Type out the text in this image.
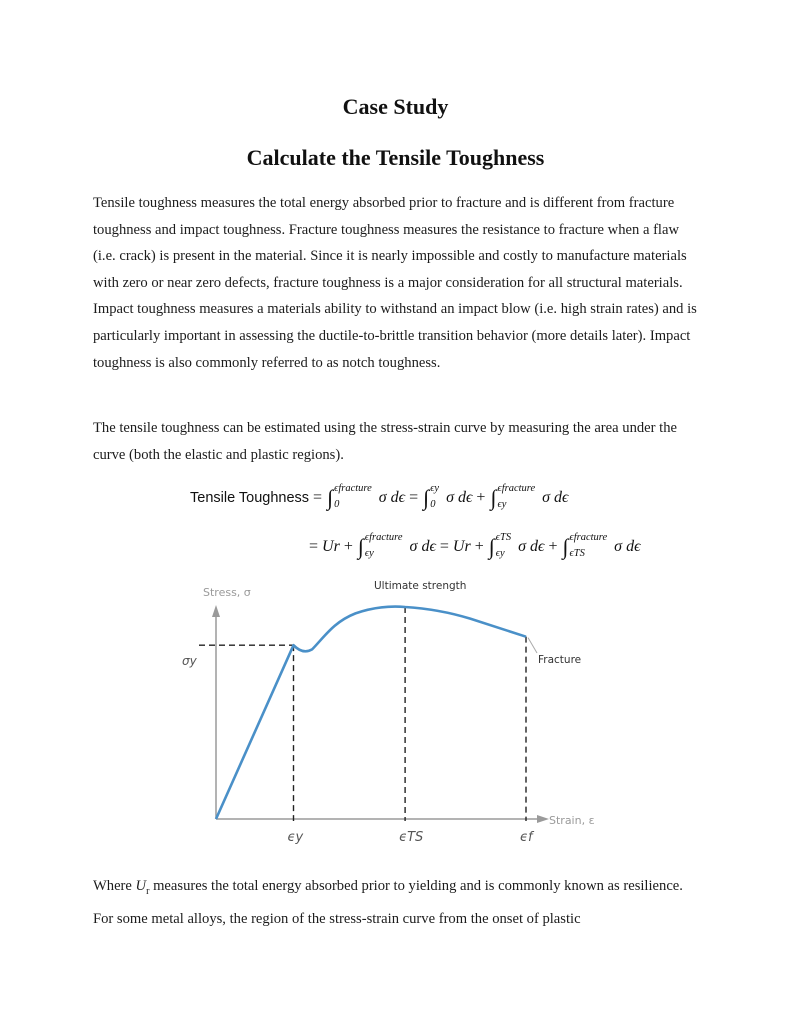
Case Study
Calculate the Tensile Toughness

Tensile toughness measures the total energy absorbed prior to fracture and is different from fracture toughness and impact toughness. Fracture toughness measures the resistance to fracture when a flaw (i.e. crack) is present in the material. Since it is nearly impossible and costly to manufacture materials with zero or near zero defects, fracture toughness is a major consideration for all structural materials. Impact toughness measures a materials ability to withstand an impact blow (i.e. high strain rates) and is particularly important in assessing the ductile-to-brittle transition behavior (more details later). Impact toughness is also commonly referred to as notch toughness.

The tensile toughness can be estimated using the stress-strain curve by measuring the area under the curve (both the elastic and plastic regions).

Tensile Toughness = ∫ ϵfracture
0	σ dϵ = ∫ ϵy
0 σ dϵ + ∫ ϵfracture
ϵy	σ dϵ
= Ur + ∫ ϵfracture
ϵy	σ dϵ = Ur + ∫ ϵTS
ϵy σ dϵ + ∫ ϵfracture
ϵTS	σ dϵ
Stress, σ
Strain, ε
Ultimate strength
Fracture
σy
ϵy	ϵTS	ϵf

Where $U_r$ measures the total energy absorbed prior to yielding and is commonly known as resilience. For some metal alloys, the region of the stress-strain curve from the onset of plastic
